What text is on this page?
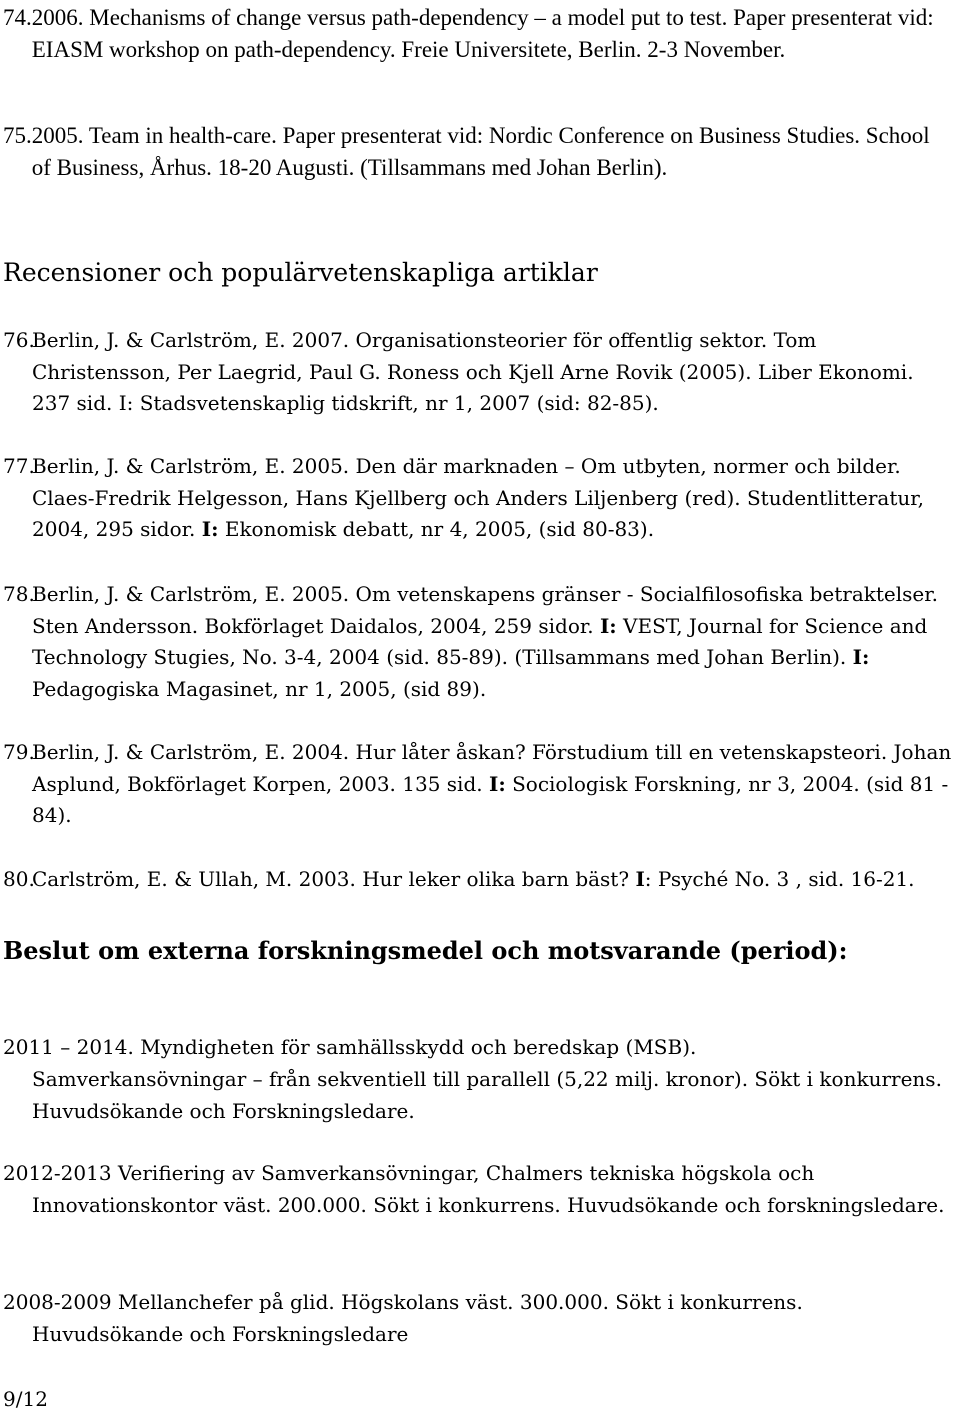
74. 2006. Mechanisms of change versus path-dependency – a model put to test. Paper presenterat vid: EIASM workshop on path-dependency. Freie Universitete, Berlin. 2-3 November.
75. 2005. Team in health-care. Paper presenterat vid: Nordic Conference on Business Studies. School of Business, Århus. 18-20 Augusti. (Tillsammans med Johan Berlin).
Recensioner och populärvetenskapliga artiklar
76.
Berlin, J. & Carlström, E. 2007. Organisationsteorier för offentlig sektor. Tom Christensson, Per Laegrid, Paul G. Roness och Kjell Arne Rovik (2005). Liber Ekonomi. 237 sid. I: Stadsvetenskaplig tidskrift, nr 1, 2007 (sid: 82-85).
77.
Berlin, J. & Carlström, E. 2005. Den där marknaden – Om utbyten, normer och bilder. Claes-Fredrik Helgesson, Hans Kjellberg och Anders Liljenberg (red). Studentlitteratur, 2004, 295 sidor. I: Ekonomisk debatt, nr 4, 2005, (sid 80-83).
78.
Berlin, J. & Carlström, E. 2005. Om vetenskapens gränser - Socialfilosofiska betraktelser. Sten Andersson. Bokförlaget Daidalos, 2004, 259 sidor. I: VEST, Journal for Science and Technology Stugies, No. 3-4, 2004 (sid. 85-89). (Tillsammans med Johan Berlin). I: Pedagogiska Magasinet, nr 1, 2005, (sid 89).
79.
Berlin, J. & Carlström, E. 2004. Hur låter åskan? Förstudium till en vetenskapsteori. Johan Asplund, Bokförlaget Korpen, 2003. 135 sid. I: Sociologisk Forskning, nr 3, 2004. (sid 81 - 84).
80.
Carlström, E. & Ullah, M. 2003. Hur leker olika barn bäst? I: Psyché No. 3 , sid. 16-21.
Beslut om externa forskningsmedel och motsvarande (period):
2011 – 2014. Myndigheten för samhällsskydd och beredskap (MSB).
Samverkansövningar – från sekventiell till parallell (5,22 milj. kronor). Sökt i konkurrens. Huvudsökande och Forskningsledare.
2012-2013 Verifiering av Samverkansövningar, Chalmers tekniska högskola och
Innovationskontor väst. 200.000. Sökt i konkurrens. Huvudsökande och forskningsledare.
2008-2009 Mellanchefer på glid. Högskolans väst. 300.000. Sökt i konkurrens.
Huvudsökande och Forskningsledare
9/12
